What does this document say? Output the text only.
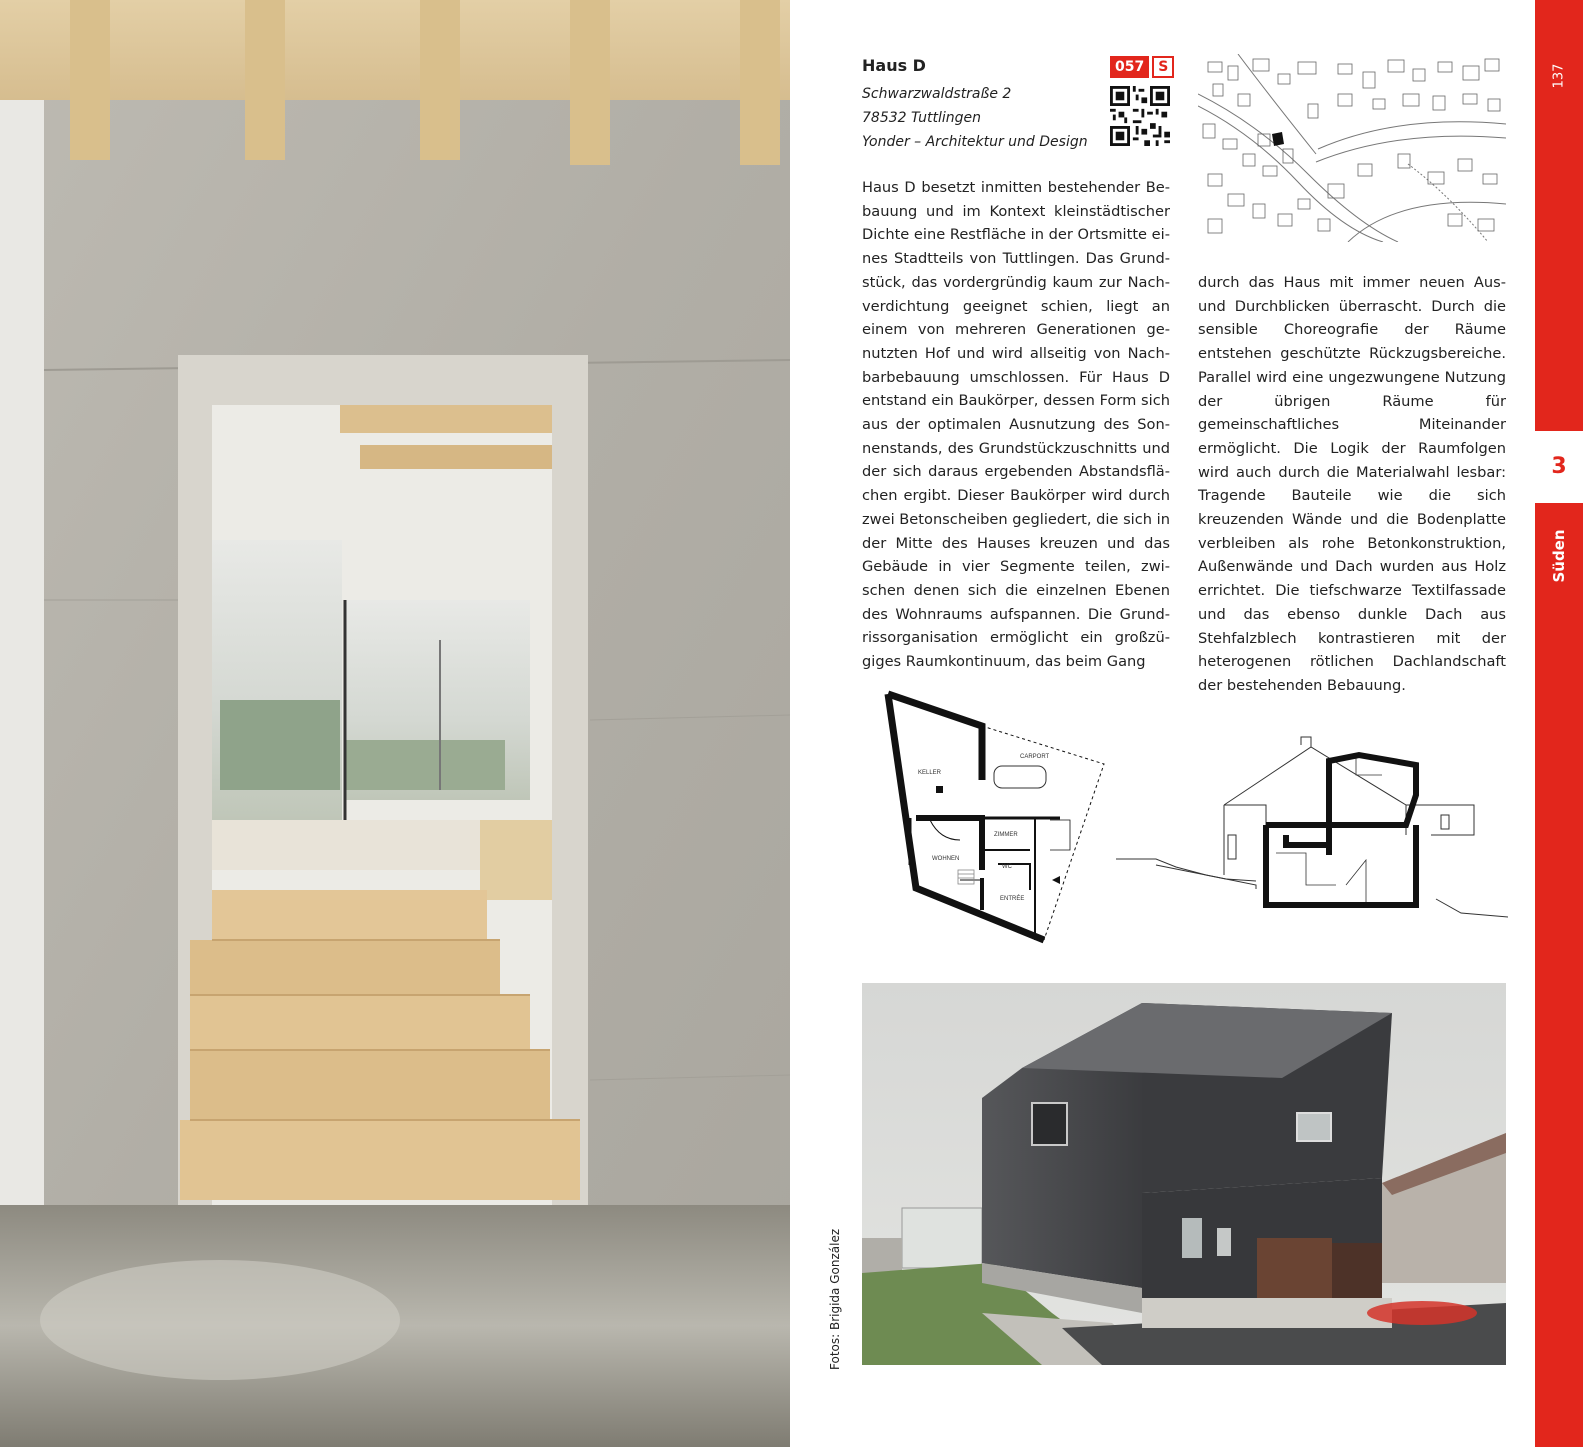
Haus D
Schwarzwaldstraße 2
78532 Tuttlingen
Yonder – Architektur und Design
057	S
Haus D besetzt inmitten bestehender Bebauung und im Kontext kleinstädtischer Dichte eine Restfläche in der Ortsmitte eines Stadtteils von Tuttlingen. Das Grundstück, das vordergründig kaum zur Nachverdichtung geeignet schien, liegt an einem von mehreren Generationen genutzten Hof und wird allseitig von Nachbarbebauung umschlossen. Für Haus D entstand ein Baukörper, dessen Form sich aus der optimalen Ausnutzung des Sonnenstands, des Grundstückzuschnitts und der sich daraus ergebenden Abstandsflächen ergibt. Dieser Baukörper wird durch zwei Betonscheiben gegliedert, die sich in der Mitte des Hauses kreuzen und das Gebäude in vier Segmente teilen, zwischen denen sich die einzelnen Ebenen des Wohnraums aufspannen. Die Grundrissorganisation ermöglicht ein großzügiges Raumkontinuum, das beim Gang
durch das Haus mit immer neuen Aus- und Durchblicken überrascht. Durch die sensible Choreografie der Räume entstehen geschützte Rückzugsbereiche. Parallel wird eine ungezwungene Nutzung der übrigen Räume für gemeinschaftliches Miteinander ermöglicht. Die Logik der Raumfolgen wird auch durch die Materialwahl lesbar: Tragende Bauteile wie die sich kreuzenden Wände und die Bodenplatte verbleiben als rohe Betonkonstruktion, Außenwände und Dach wurden aus Holz errichtet. Die tiefschwarze Textilfassade und das ebenso dunkle Dach aus Stehfalzblech kontrastieren mit der heterogenen rötlichen Dachlandschaft der bestehenden Bebauung.
KELLER
CARPORT
ZIMMER
WOHNEN
WC
ENTRÉE
Fotos: Brigida González
137
3
Süden
